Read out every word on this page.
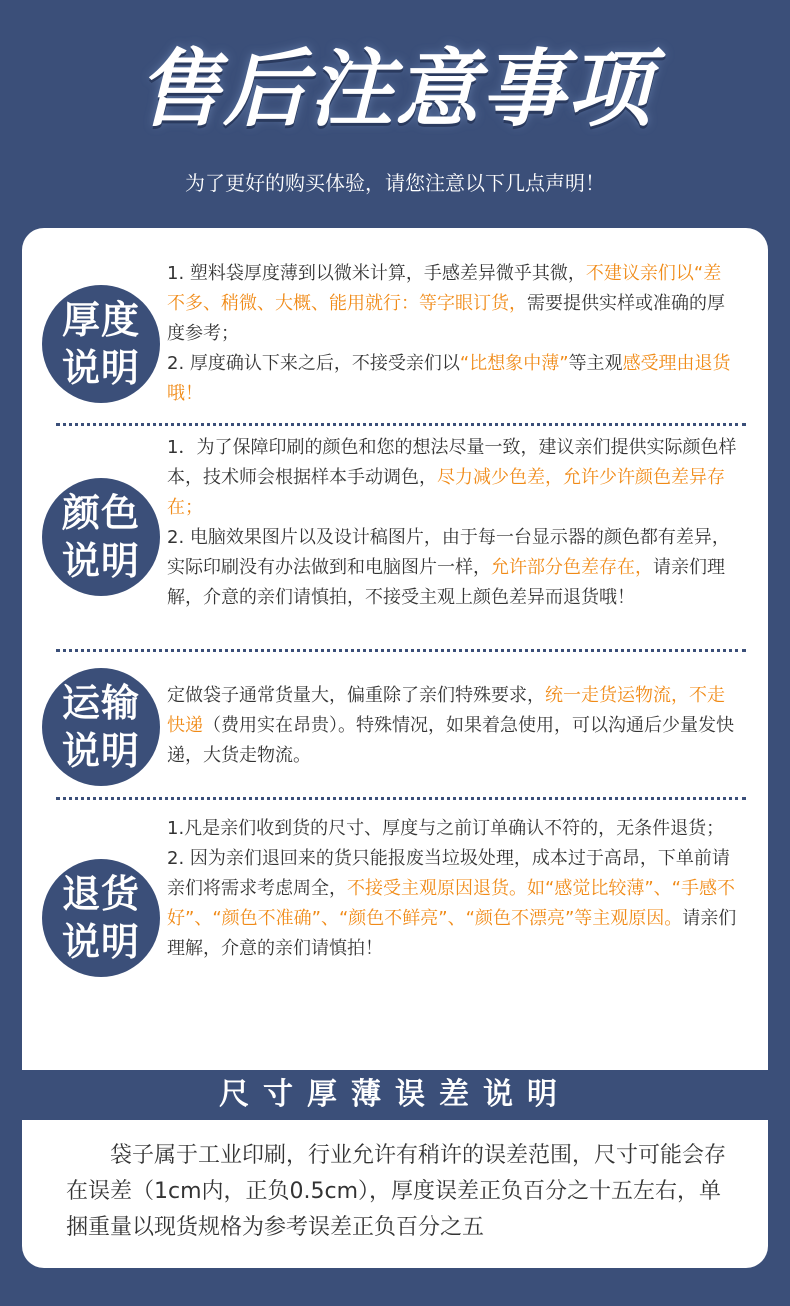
售后注意事项
为了更好的购买体验，请您注意以下几点声明！
厚度
说明
1. 塑料袋厚度薄到以微米计算，手感差异微乎其微，不建议亲们以“差不多、稍微、大概、能用就行：等字眼订货，需要提供实样或准确的厚度参考；
2. 厚度确认下来之后，不接受亲们以“比想象中薄”等主观感受理由退货哦！
颜色
说明
1．为了保障印刷的颜色和您的想法尽量一致，建议亲们提供实际颜色样本，技术师会根据样本手动调色，尽力减少色差，允许少许颜色差异存在；
2. 电脑效果图片以及设计稿图片，由于每一台显示器的颜色都有差异，实际印刷没有办法做到和电脑图片一样，允许部分色差存在，请亲们理解，介意的亲们请慎拍，不接受主观上颜色差异而退货哦！
运输
说明
定做袋子通常货量大，偏重除了亲们特殊要求，统一走货运物流，不走快递（费用实在昂贵）。特殊情况，如果着急使用，可以沟通后少量发快递，大货走物流。
退货
说明
1.凡是亲们收到货的尺寸、厚度与之前订单确认不符的，无条件退货；
2. 因为亲们退回来的货只能报废当垃圾处理，成本过于高昂，下单前请亲们将需求考虑周全，不接受主观原因退货。如“感觉比较薄”、“手感不好”、“颜色不准确”、“颜色不鲜亮”、“颜色不漂亮”等主观原因。请亲们理解，介意的亲们请慎拍！
尺寸厚薄误差说明
袋子属于工业印刷，行业允许有稍许的误差范围，尺寸可能会存在误差（1cm内，正负0.5cm），厚度误差正负百分之十五左右，单捆重量以现货规格为参考误差正负百分之五
